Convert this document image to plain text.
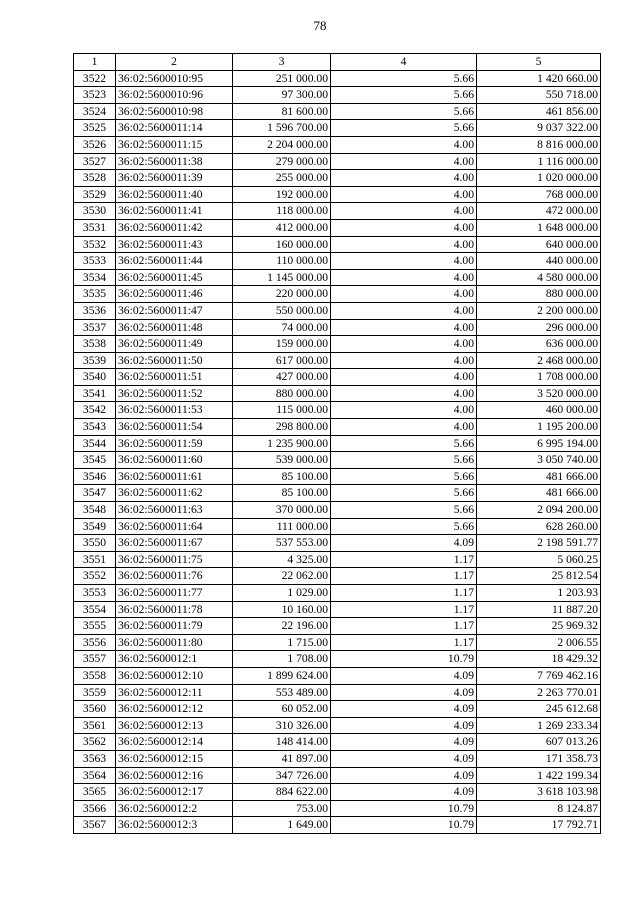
78
1	2	3	4	5
3522	36:02:5600010:95	251 000.00	5.66	1 420 660.00
3523	36:02:5600010:96	97 300.00	5.66	550 718.00
3524	36:02:5600010:98	81 600.00	5.66	461 856.00
3525	36:02:5600011:14	1 596 700.00	5.66	9 037 322.00
3526	36:02:5600011:15	2 204 000.00	4.00	8 816 000.00
3527	36:02:5600011:38	279 000.00	4.00	1 116 000.00
3528	36:02:5600011:39	255 000.00	4.00	1 020 000.00
3529	36:02:5600011:40	192 000.00	4.00	768 000.00
3530	36:02:5600011:41	118 000.00	4.00	472 000.00
3531	36:02:5600011:42	412 000.00	4.00	1 648 000.00
3532	36:02:5600011:43	160 000.00	4.00	640 000.00
3533	36:02:5600011:44	110 000.00	4.00	440 000.00
3534	36:02:5600011:45	1 145 000.00	4.00	4 580 000.00
3535	36:02:5600011:46	220 000.00	4.00	880 000.00
3536	36:02:5600011:47	550 000.00	4.00	2 200 000.00
3537	36:02:5600011:48	74 000.00	4.00	296 000.00
3538	36:02:5600011:49	159 000.00	4.00	636 000.00
3539	36:02:5600011:50	617 000.00	4.00	2 468 000.00
3540	36:02:5600011:51	427 000.00	4.00	1 708 000.00
3541	36:02:5600011:52	880 000.00	4.00	3 520 000.00
3542	36:02:5600011:53	115 000.00	4.00	460 000.00
3543	36:02:5600011:54	298 800.00	4.00	1 195 200.00
3544	36:02:5600011:59	1 235 900.00	5.66	6 995 194.00
3545	36:02:5600011:60	539 000.00	5.66	3 050 740.00
3546	36:02:5600011:61	85 100.00	5.66	481 666.00
3547	36:02:5600011:62	85 100.00	5.66	481 666.00
3548	36:02:5600011:63	370 000.00	5.66	2 094 200.00
3549	36:02:5600011:64	111 000.00	5.66	628 260.00
3550	36:02:5600011:67	537 553.00	4.09	2 198 591.77
3551	36:02:5600011:75	4 325.00	1.17	5 060.25
3552	36:02:5600011:76	22 062.00	1.17	25 812.54
3553	36:02:5600011:77	1 029.00	1.17	1 203.93
3554	36:02:5600011:78	10 160.00	1.17	11 887.20
3555	36:02:5600011:79	22 196.00	1.17	25 969.32
3556	36:02:5600011:80	1 715.00	1.17	2 006.55
3557	36:02:5600012:1	1 708.00	10.79	18 429.32
3558	36:02:5600012:10	1 899 624.00	4.09	7 769 462.16
3559	36:02:5600012:11	553 489.00	4.09	2 263 770.01
3560	36:02:5600012:12	60 052.00	4.09	245 612.68
3561	36:02:5600012:13	310 326.00	4.09	1 269 233.34
3562	36:02:5600012:14	148 414.00	4.09	607 013.26
3563	36:02:5600012:15	41 897.00	4.09	171 358.73
3564	36:02:5600012:16	347 726.00	4.09	1 422 199.34
3565	36:02:5600012:17	884 622.00	4.09	3 618 103.98
3566	36:02:5600012:2	753.00	10.79	8 124.87
3567	36:02:5600012:3	1 649.00	10.79	17 792.71
